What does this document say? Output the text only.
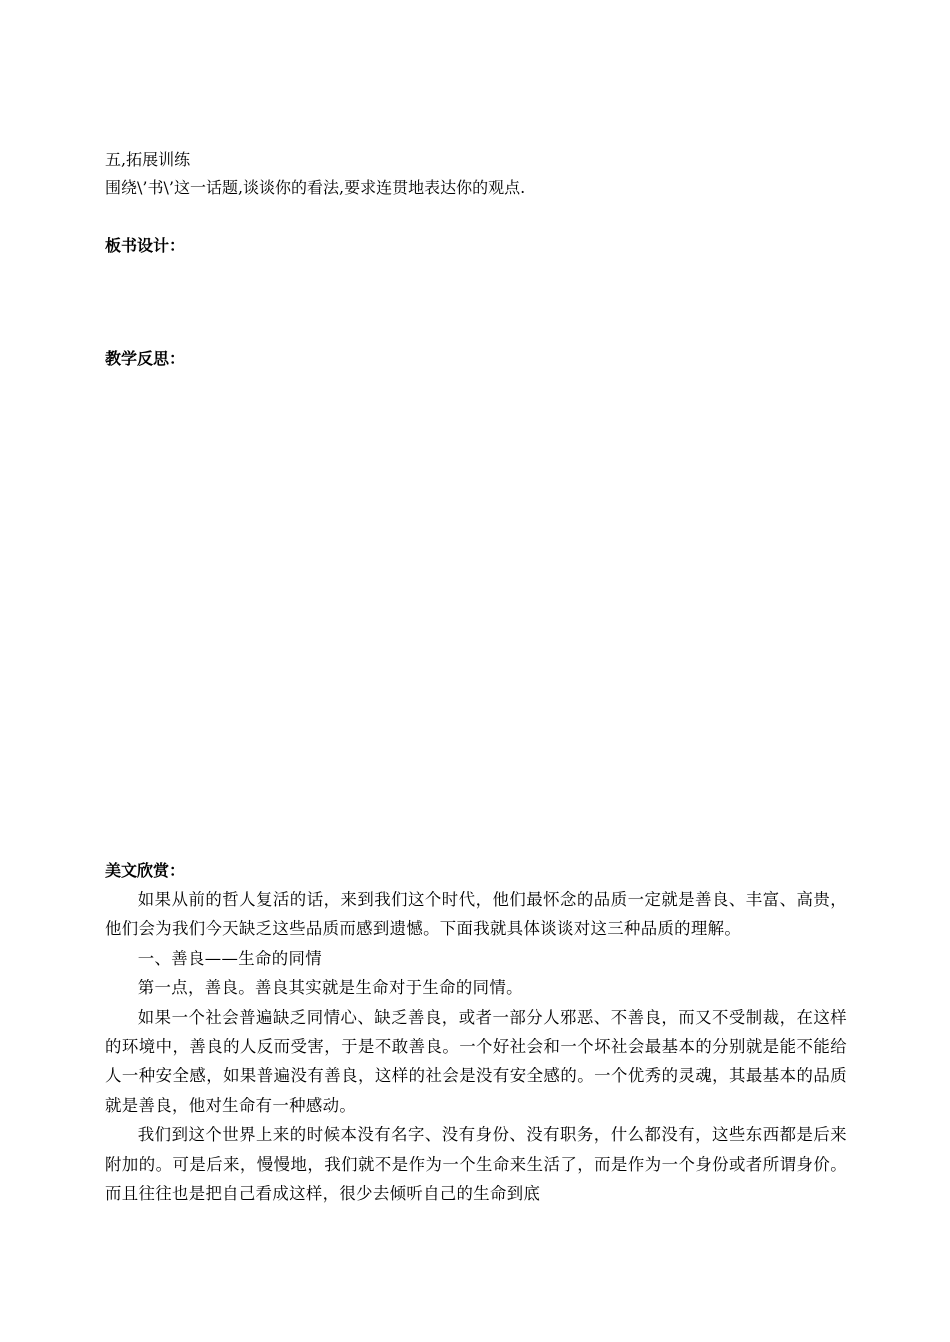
五,拓展训练
围绕\’书\’这一话题,谈谈你的看法,要求连贯地表达你的观点.
板书设计：
教学反思：
美文欣赏：

如果从前的哲人复活的话，来到我们这个时代，他们最怀念的品质一定就是善良、丰富、高贵，他们会为我们今天缺乏这些品质而感到遗憾。下面我就具体谈谈对这三种品质的理解。

一、善良——生命的同情

第一点，善良。善良其实就是生命对于生命的同情。

如果一个社会普遍缺乏同情心、缺乏善良，或者一部分人邪恶、不善良，而又不受制裁，在这样的环境中，善良的人反而受害，于是不敢善良。一个好社会和一个坏社会最基本的分别就是能不能给人一种安全感，如果普遍没有善良，这样的社会是没有安全感的。一个优秀的灵魂，其最基本的品质就是善良，他对生命有一种感动。

我们到这个世界上来的时候本没有名字、没有身份、没有职务，什么都没有，这些东西都是后来附加的。可是后来，慢慢地，我们就不是作为一个生命来生活了，而是作为一个身份或者所谓身价。而且往往也是把自己看成这样，很少去倾听自己的生命到底
